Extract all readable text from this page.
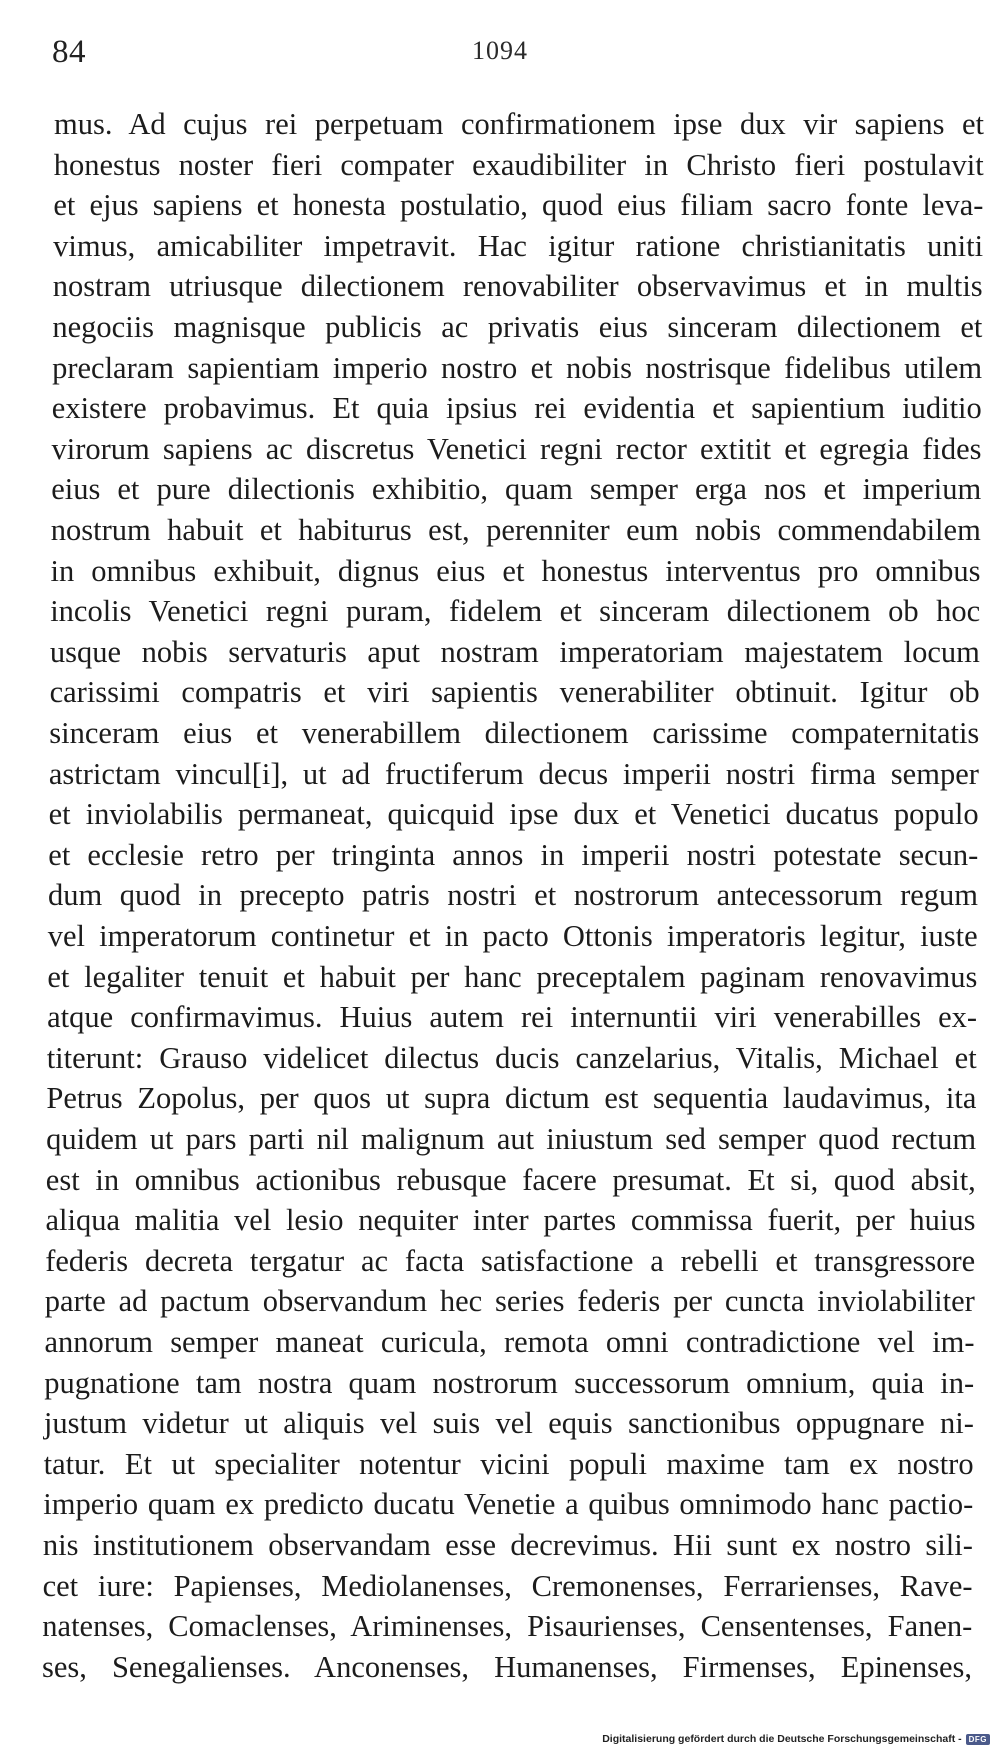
84	1094
mus. Ad cujus rei perpetuam confirmationem ipse dux vir sapiens et
honestus noster fieri compater exaudibiliter in Christo fieri postulavit
et ejus sapiens et honesta postulatio, quod eius filiam sacro fonte leva-
vimus, amicabiliter impetravit. Hac igitur ratione christianitatis uniti
nostram utriusque dilectionem renovabiliter observavimus et in multis
negociis magnisque publicis ac privatis eius sinceram dilectionem et
preclaram sapientiam imperio nostro et nobis nostrisque fidelibus utilem
existere probavimus. Et quia ipsius rei evidentia et sapientium iuditio
virorum sapiens ac discretus Venetici regni rector extitit et egregia fides
eius et pure dilectionis exhibitio, quam semper erga nos et imperium
nostrum habuit et habiturus est, perenniter eum nobis commendabilem
in omnibus exhibuit, dignus eius et honestus interventus pro omnibus
incolis Venetici regni puram, fidelem et sinceram dilectionem ob hoc
usque nobis servaturis aput nostram imperatoriam majestatem locum
carissimi compatris et viri sapientis venerabiliter obtinuit. Igitur ob
sinceram eius et venerabillem dilectionem carissime compaternitatis
astrictam vincul[i], ut ad fructiferum decus imperii nostri firma semper
et inviolabilis permaneat, quicquid ipse dux et Venetici ducatus populo
et ecclesie retro per tringinta annos in imperii nostri potestate secun-
dum quod in precepto patris nostri et nostrorum antecessorum regum
vel imperatorum continetur et in pacto Ottonis imperatoris legitur, iuste
et legaliter tenuit et habuit per hanc preceptalem paginam renovavimus
atque confirmavimus. Huius autem rei internuntii viri venerabilles ex-
titerunt: Grauso videlicet dilectus ducis canzelarius, Vitalis, Michael et
Petrus Zopolus, per quos ut supra dictum est sequentia laudavimus, ita
quidem ut pars parti nil malignum aut iniustum sed semper quod rectum
est in omnibus actionibus rebusque facere presumat. Et si, quod absit,
aliqua malitia vel lesio nequiter inter partes commissa fuerit, per huius
federis decreta tergatur ac facta satisfactione a rebelli et transgressore
parte ad pactum observandum hec series federis per cuncta inviolabiliter
annorum semper maneat curicula, remota omni contradictione vel im-
pugnatione tam nostra quam nostrorum successorum omnium, quia in-
justum videtur ut aliquis vel suis vel equis sanctionibus oppugnare ni-
tatur. Et ut specialiter notentur vicini populi maxime tam ex nostro
imperio quam ex predicto ducatu Venetie a quibus omnimodo hanc pactio-
nis institutionem observandam esse decrevimus. Hii sunt ex nostro sili-
cet iure: Papienses, Mediolanenses, Cremonenses, Ferrarienses, Rave-
natenses, Comaclenses, Ariminenses, Pisaurienses, Censentenses, Fanen-
ses, Senegalienses. Anconenses, Humanenses, Firmenses, Epinenses,
Digitalisierung gefördert durch die Deutsche Forschungsgemeinschaft - DFG
